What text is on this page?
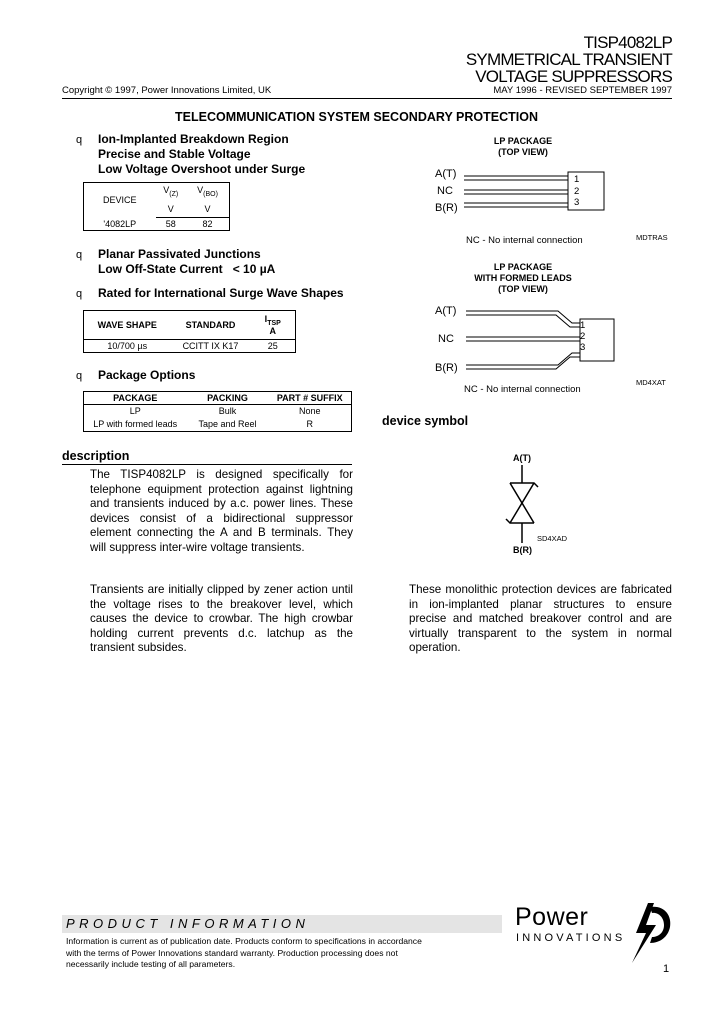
TISP4082LP
SYMMETRICAL TRANSIENT
VOLTAGE SUPPRESSORS
Copyright © 1997, Power Innovations Limited, UK	MAY 1996 - REVISED SEPTEMBER 1997
TELECOMMUNICATION SYSTEM SECONDARY PROTECTION
q Ion-Implanted Breakdown Region
Precise and Stable Voltage
Low Voltage Overshoot under Surge
DEVICE	$V_{(Z)}$	$V_{(BO)}$
	V	V
'4082LP	58	82
q Planar Passivated Junctions
Low Off-State Current < 10 µA
q Rated for International Surge Wave Shapes
WAVE SHAPE	STANDARD	$I_{TSP}$
A
10/700 µs	CCITT IX K17	25
q Package Options
PACKAGE	PACKING	PART # SUFFIX
LP	Bulk	None
LP with formed leads	Tape and Reel	R
LP PACKAGE
(TOP VIEW)
A(T)
NC
B(R)
1
2
3
NC - No internal connection	MDTRAS
LP PACKAGE
WITH FORMED LEADS
(TOP VIEW)
A(T)
NC
B(R)
1
2
3
NC - No internal connection
MD4XAT
device symbol
A(T)
SD4XAD
B(R)
description

The TISP4082LP is designed specifically for telephone equipment protection against lightning and transients induced by a.c. power lines. These devices consist of a bidirectional suppressor element connecting the A and B terminals. They will suppress inter-wire voltage transients.

Transients are initially clipped by zener action until the voltage rises to the breakover level, which causes the device to crowbar. The high crowbar holding current prevents d.c. latchup as the transient subsides.

These monolithic protection devices are fabricated in ion-implanted planar structures to ensure precise and matched breakover control and are virtually transparent to the system in normal operation.

PRODUCT INFORMATION
Information is current as of publication date. Products conform to specifications in accordance
with the terms of Power Innovations standard warranty. Production processing does not
necessarily include testing of all parameters.
Power
INNOVATIONS
1
